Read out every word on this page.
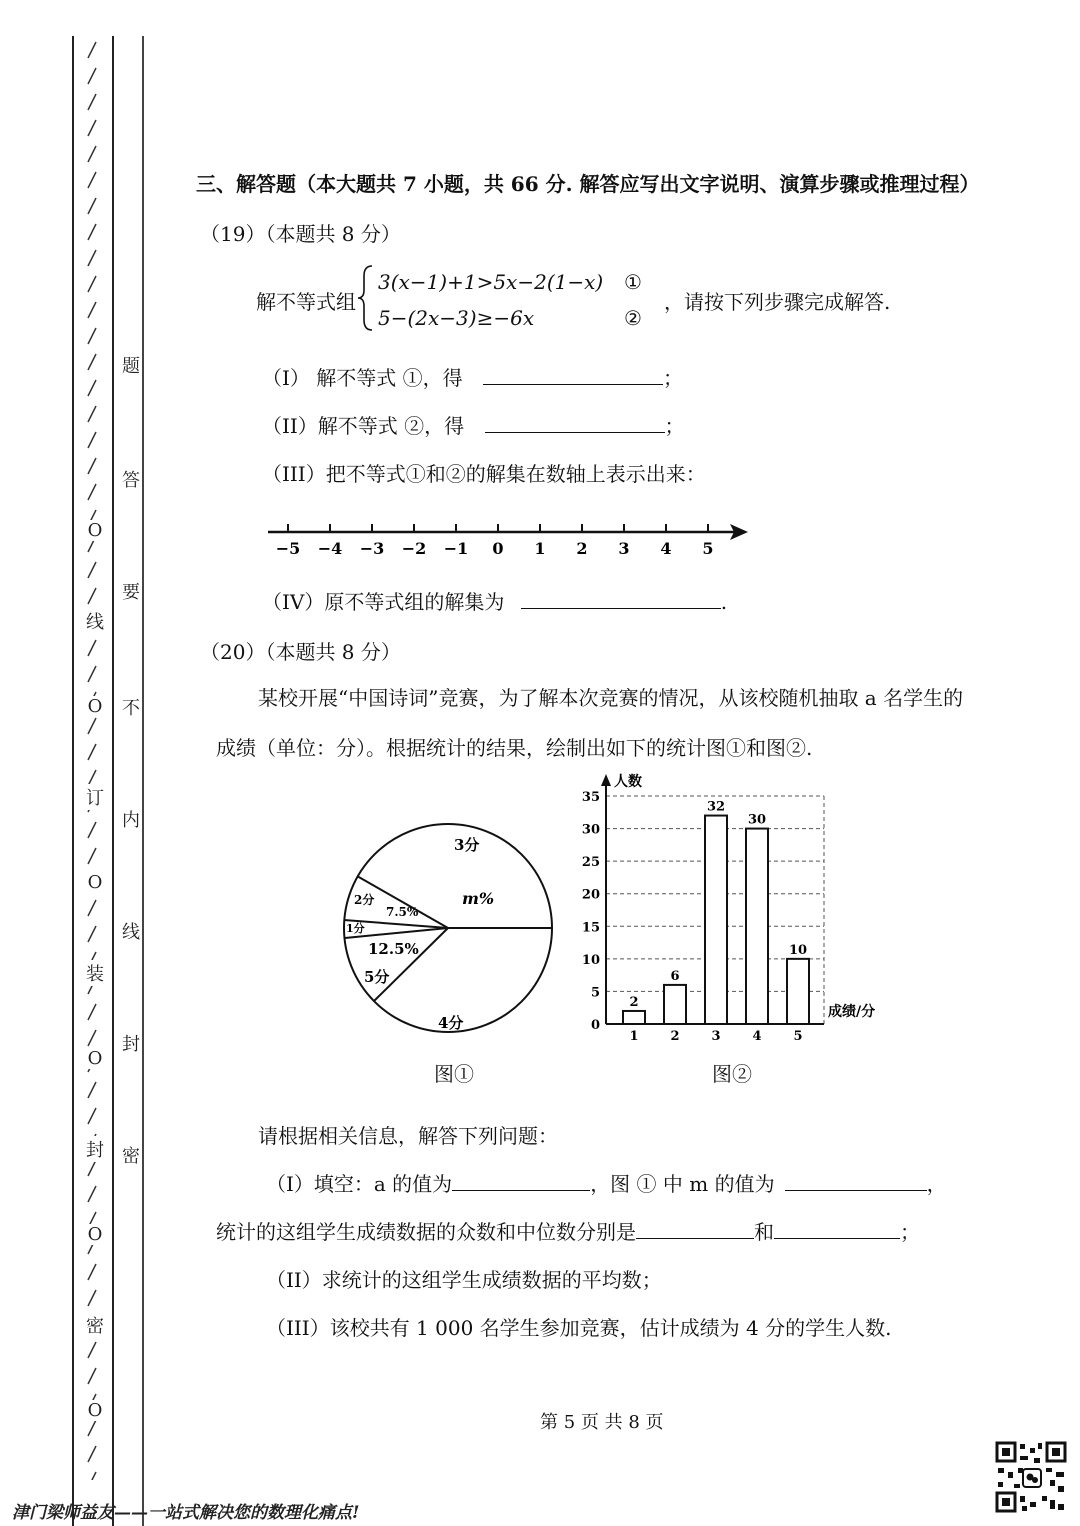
O
线
O
订
O
装
O
封
O
密
O
题
答
要
不
内
线
封
密
三、解答题（本大题共 7 小题，共 66 分. 解答应写出文字说明、演算步骤或推理过程）
（19）（本题共 8 分）
解不等式组
3(x−1)+1>5x−2(1−x) ①
5−(2x−3)≥−6x	②
，请按下列步骤完成解答.
（I） 解不等式 ①，得	；
（II）解不等式 ②，得	；
（III）把不等式①和②的解集在数轴上表示出来：
−5 −4 −3 −2 −1 0 1 2 3 4 5
（IV）原不等式组的解集为	.
（20）（本题共 8 分）
某校开展“中国诗词”竞赛，为了解本次竞赛的情况，从该校随机抽取 a 名学生的
成绩（单位：分）。根据统计的结果，绘制出如下的统计图①和图②.
3分
m%
4分
5分
12.5%
1分
2分
7.5%
图①
人数
成绩/分
0
5
10
15
20
25
30
35
2
1
6
2
32
3
30
4
10
5
图②
请根据相关信息，解答下列问题：
（I）填空：a 的值为	，图 ① 中 m 的值为	，
统计的这组学生成绩数据的众数和中位数分别是	和	；
（II）求统计的这组学生成绩数据的平均数；
（III）该校共有 1 000 名学生参加竞赛，估计成绩为 4 分的学生人数.
第 5 页 共 8 页
津门梁师益友——一站式解决您的数理化痛点!
